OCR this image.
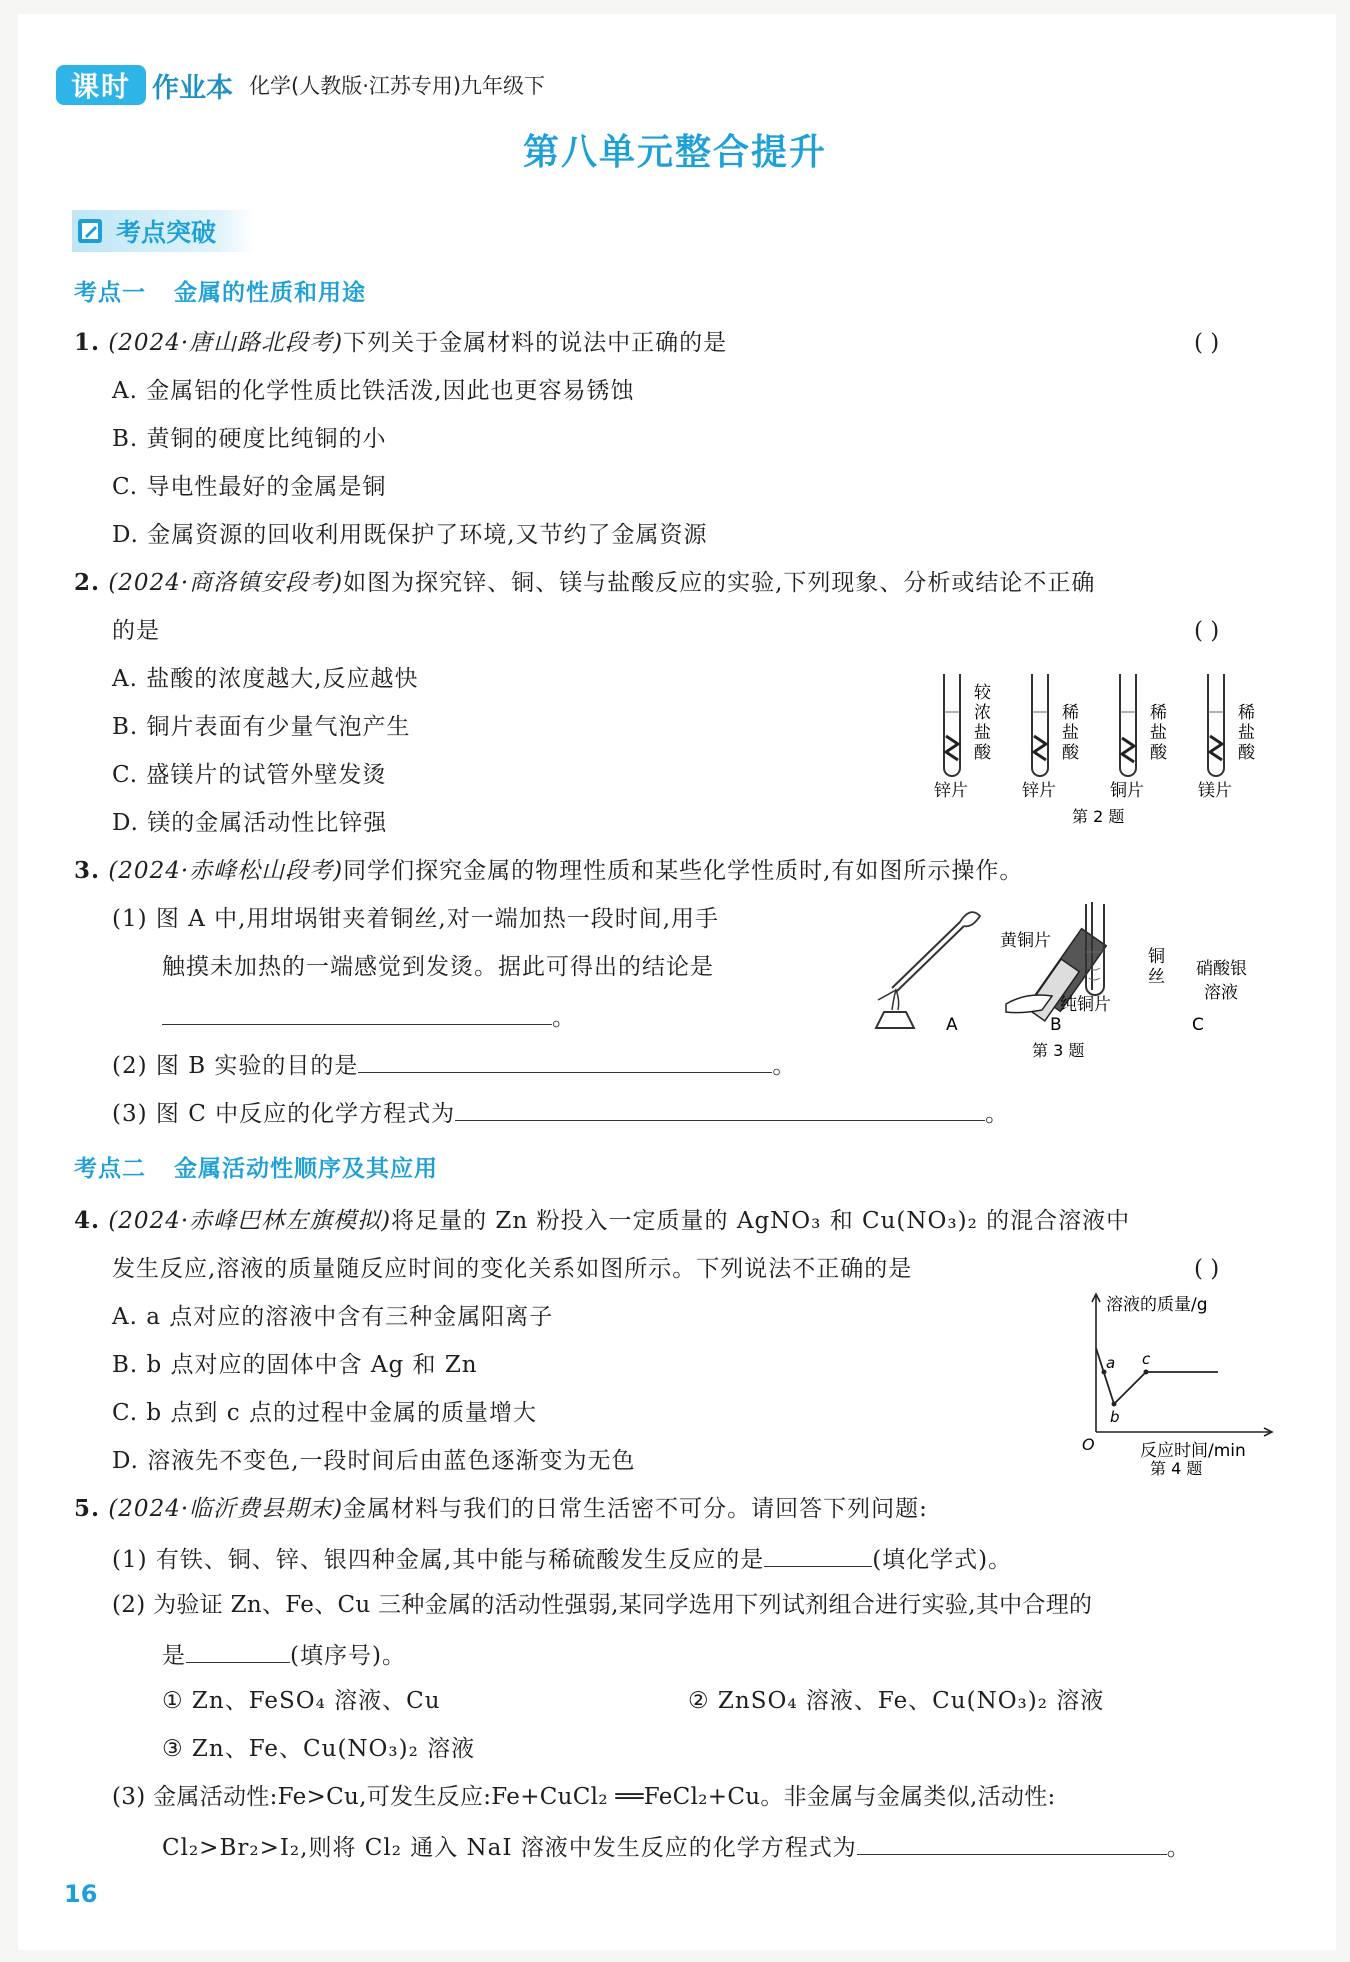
课时 作业本 化学(人教版·江苏专用)九年级下
第八单元整合提升
考点突破
考点一 金属的性质和用途
1. (2024·唐山路北段考)下列关于金属材料的说法中正确的是	( )
A. 金属铝的化学性质比铁活泼,因此也更容易锈蚀
B. 黄铜的硬度比纯铜的小
C. 导电性最好的金属是铜
D. 金属资源的回收利用既保护了环境,又节约了金属资源
2. (2024·商洛镇安段考)如图为探究锌、铜、镁与盐酸反应的实验,下列现象、分析或结论不正确
的是	( )
A. 盐酸的浓度越大,反应越快
B. 铜片表面有少量气泡产生
C. 盛镁片的试管外壁发烫
D. 镁的金属活动性比锌强
较
浓
盐
酸
稀
盐
酸
稀
盐
酸
稀
盐
酸
锌片	锌片	铜片	镁片
第 2 题
3. (2024·赤峰松山段考)同学们探究金属的物理性质和某些化学性质时,有如图所示操作。
(1) 图 A 中,用坩埚钳夹着铜丝,对一端加热一段时间,用手
触摸未加热的一端感觉到发烫。据此可得出的结论是
。
(2) 图 B 实验的目的是	。
(3) 图 C 中反应的化学方程式为	。
A	B	C
黄铜片
纯铜片
铜
丝 硝酸银
溶液
第 3 题
考点二 金属活动性顺序及其应用
4. (2024·赤峰巴林左旗模拟)将足量的 Zn 粉投入一定质量的 AgNO₃ 和 Cu(NO₃)₂ 的混合溶液中
发生反应,溶液的质量随反应时间的变化关系如图所示。下列说法不正确的是	( )
A. a 点对应的溶液中含有三种金属阳离子
B. b 点对应的固体中含 Ag 和 Zn
C. b 点到 c 点的过程中金属的质量增大
D. 溶液先不变色,一段时间后由蓝色逐渐变为无色
溶液的质量/g
反应时间/min
O
a
b
c
第 4 题
5. (2024·临沂费县期末)金属材料与我们的日常生活密不可分。请回答下列问题:
(1) 有铁、铜、锌、银四种金属,其中能与稀硫酸发生反应的是	(填化学式)。
(2) 为验证 Zn、Fe、Cu 三种金属的活动性强弱,某同学选用下列试剂组合进行实验,其中合理的
是	(填序号)。
① Zn、FeSO₄ 溶液、Cu	② ZnSO₄ 溶液、Fe、Cu(NO₃)₂ 溶液
③ Zn、Fe、Cu(NO₃)₂ 溶液
(3) 金属活动性:Fe>Cu,可发生反应:Fe+CuCl₂ ══FeCl₂+Cu。非金属与金属类似,活动性:
Cl₂>Br₂>I₂,则将 Cl₂ 通入 NaI 溶液中发生反应的化学方程式为	。
16
